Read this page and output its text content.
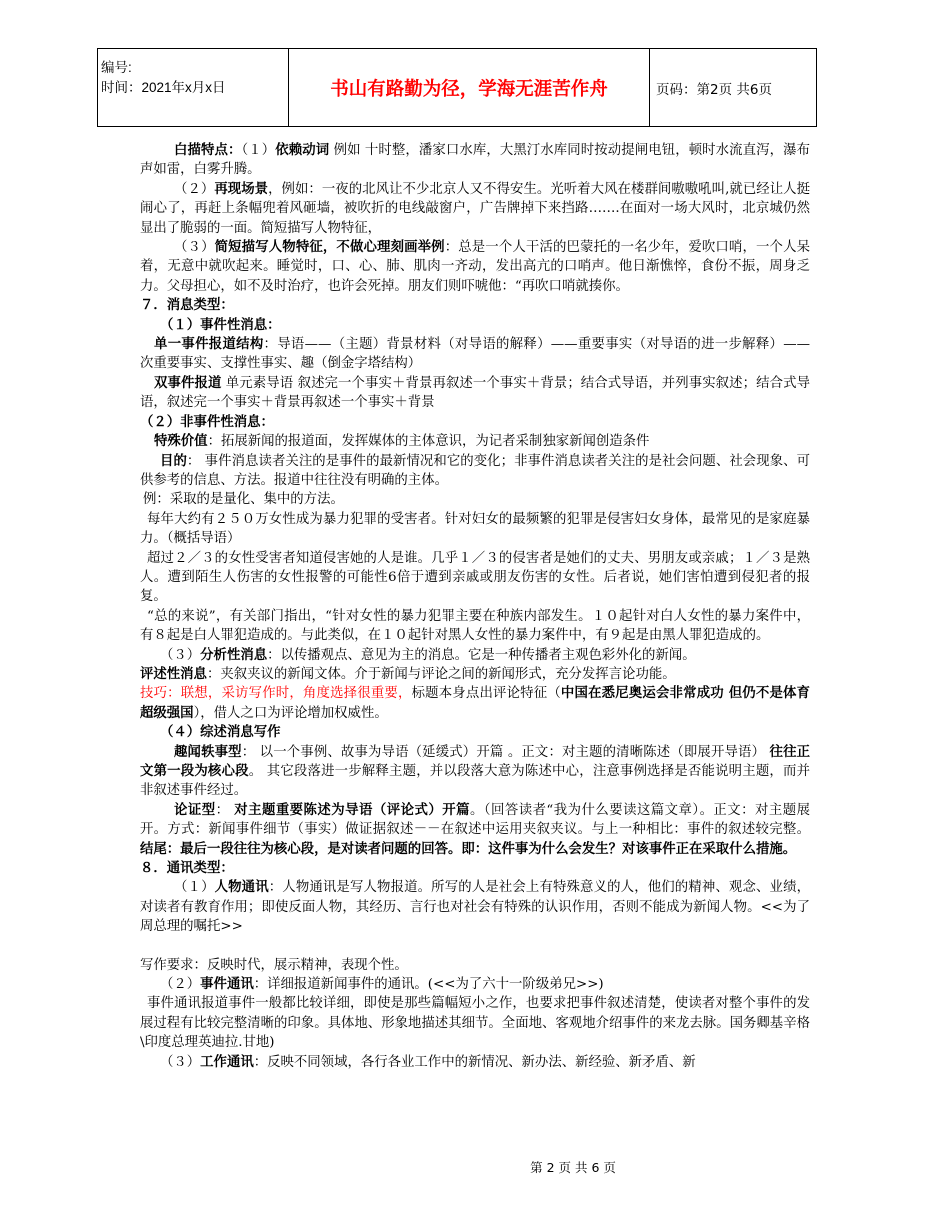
编号:
时间：2021年x月x日	书山有路勤为径，学海无涯苦作舟	页码：第2页 共6页

白描特点：（１）依赖动词 例如 十时整，潘家口水库，大黑汀水库同时按动提闸电钮，顿时水流直泻，瀑布声如雷，白雾升腾。

（２）再现场景，例如：一夜的北风让不少北京人又不得安生。光听着大风在楼群间嗷嗷吼叫,就已经让人挺闹心了，再赶上条幅兜着风砸墙，被吹折的电线敲窗户，广告牌掉下来挡路…….在面对一场大风时，北京城仍然显出了脆弱的一面。简短描写人物特征，

（３）简短描写人物特征，不做心理刻画举例：总是一个人干活的巴蒙托的一名少年，爱吹口哨，一个人呆着，无意中就吹起来。睡觉时，口、心、肺、肌肉一齐动，发出高亢的口哨声。他日渐憔悴，食份不振，周身乏力。父母担心，如不及时治疗，也许会死掉。朋友们则吓唬他：“再吹口哨就揍你。

７．消息类型：

（１）事件性消息：

单一事件报道结构：导语——（主题）背景材料（对导语的解释）——重要事实（对导语的进一步解释）——次重要事实、支撑性事实、趣（倒金字塔结构）

双事件报道 单元素导语 叙述完一个事实＋背景再叙述一个事实＋背景；结合式导语，并列事实叙述；结合式导语，叙述完一个事实＋背景再叙述一个事实＋背景

（２）非事件性消息：

特殊价值：拓展新闻的报道面，发挥媒体的主体意识，为记者采制独家新闻创造条件

目的： 事件消息读者关注的是事件的最新情况和它的变化；非事件消息读者关注的是社会问题、社会现象、可供参考的信息、方法。报道中往往没有明确的主体。

例：采取的是量化、集中的方法。

每年大约有２５０万女性成为暴力犯罪的受害者。针对妇女的最频繁的犯罪是侵害妇女身体，最常见的是家庭暴力。（概括导语）

超过２／３的女性受害者知道侵害她的人是谁。几乎１／３的侵害者是她们的丈夫、男朋友或亲戚；１／３是熟人。遭到陌生人伤害的女性报警的可能性6倍于遭到亲戚或朋友伤害的女性。后者说，她们害怕遭到侵犯者的报复。

“总的来说”，有关部门指出，“针对女性的暴力犯罪主要在种族内部发生。１０起针对白人女性的暴力案件中，有８起是白人罪犯造成的。与此类似，在１０起针对黑人女性的暴力案件中，有９起是由黑人罪犯造成的。

（３）分析性消息：以传播观点、意见为主的消息。它是一种传播者主观色彩外化的新闻。

评述性消息：夹叙夹议的新闻文体。介于新闻与评论之间的新闻形式，充分发挥言论功能。

技巧：联想，采访写作时，角度选择很重要，标题本身点出评论特征（中国在悉尼奥运会非常成功 但仍不是体育超级强国），借人之口为评论增加权威性。

（４）综述消息写作

趣闻轶事型： 以一个事例、故事为导语（延缓式）开篇 。正文：对主题的清晰陈述（即展开导语） 往往正文第一段为核心段。 其它段落进一步解释主题，并以段落大意为陈述中心，注意事例选择是否能说明主题，而并非叙述事件经过。

论证型： 对主题重要陈述为导语（评论式）开篇。（回答读者“我为什么要读这篇文章）。正文：对主题展开。方式：新闻事件细节（事实）做证据叙述－－在叙述中运用夹叙夹议。与上一种相比：事件的叙述较完整。 结尾：最后一段往往为核心段，是对读者问题的回答。即：这件事为什么会发生？对该事件正在采取什么措施。

８．通讯类型：

（１）人物通讯：人物通讯是写人物报道。所写的人是社会上有特殊意义的人，他们的精神、观念、业绩，对读者有教育作用；即使反面人物，其经历、言行也对社会有特殊的认识作用，否则不能成为新闻人物。<<为了周总理的嘱托>>

写作要求：反映时代，展示精神，表现个性。

（２）事件通讯：详细报道新闻事件的通讯。(<<为了六十一阶级弟兄>>)

事件通讯报道事件一般都比较详细，即使是那些篇幅短小之作，也要求把事件叙述清楚，使读者对整个事件的发展过程有比较完整清晰的印象。具体地、形象地描述其细节。全面地、客观地介绍事件的来龙去脉。国务卿基辛格\印度总理英迪拉.甘地)

（３）工作通讯：反映不同领域，各行各业工作中的新情况、新办法、新经验、新矛盾、新

第 2 页 共 6 页
